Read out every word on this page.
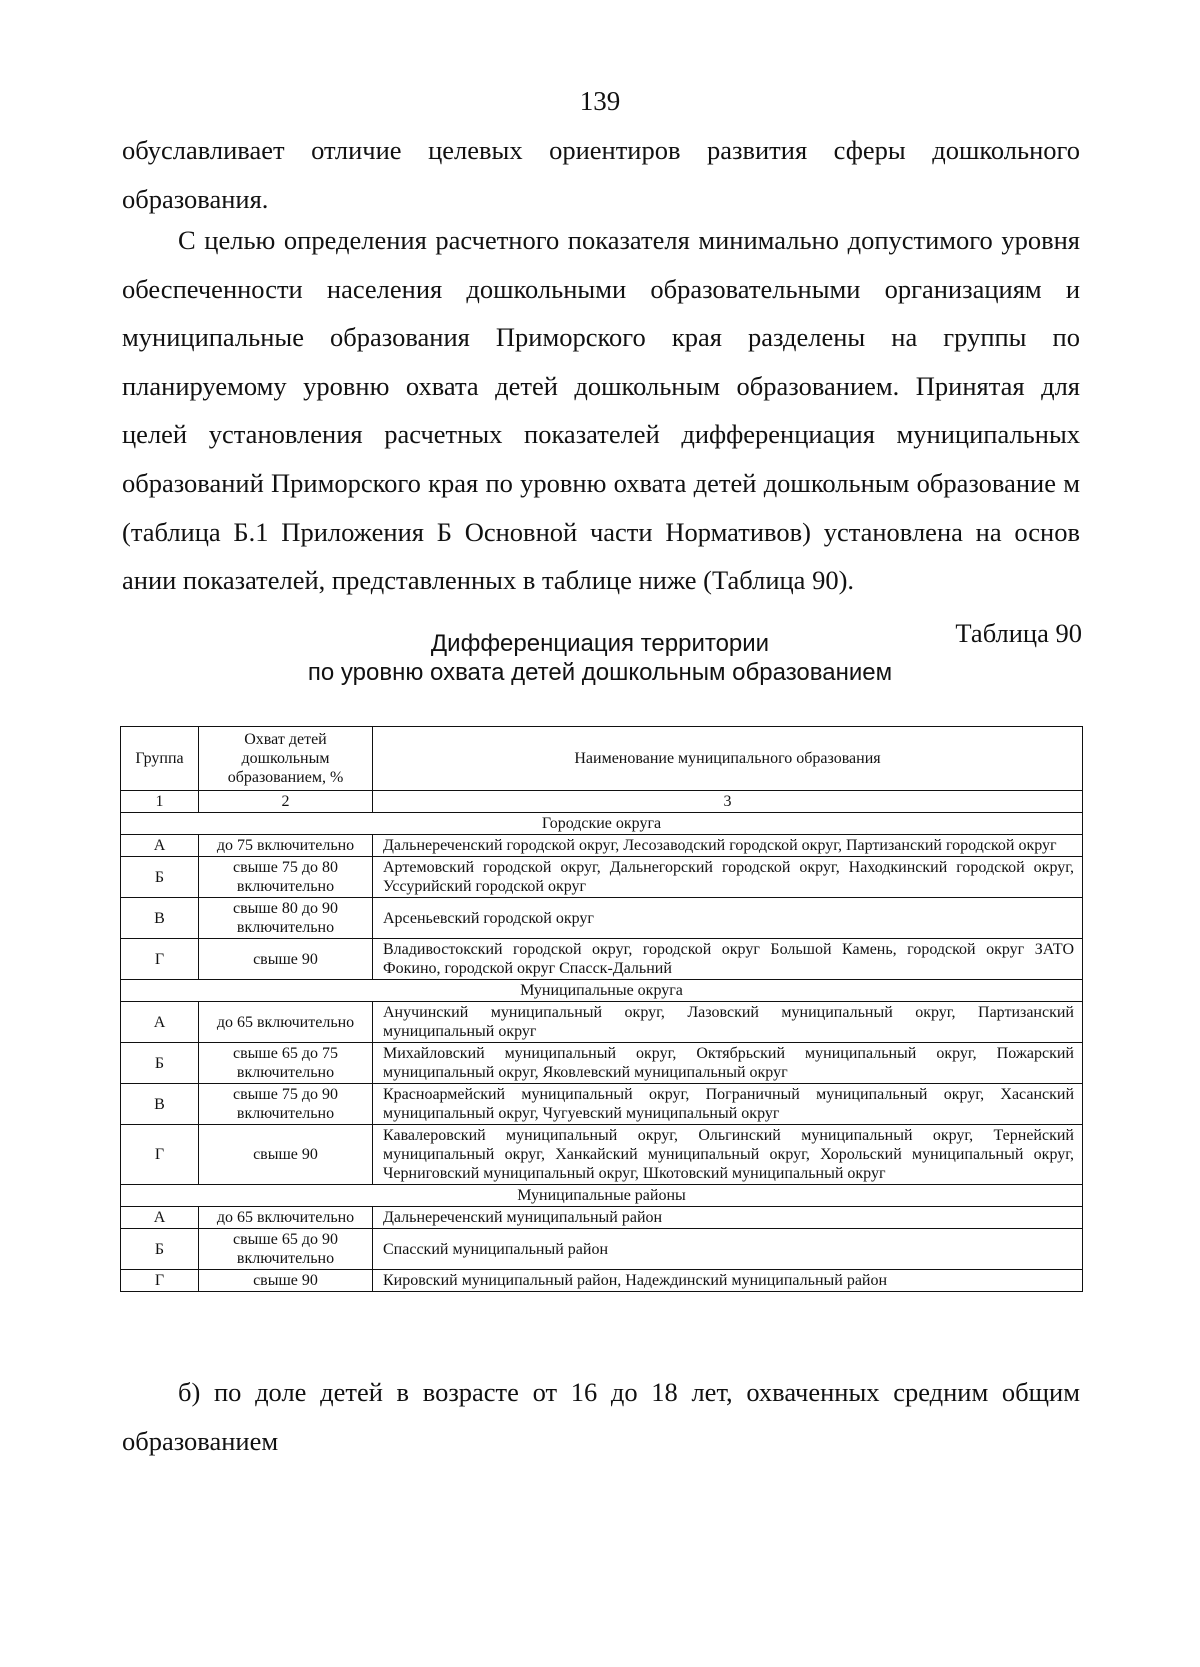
139
обуславливает отличие целевых ориентиров развития сферы дошкольного образования.
С целью определения расчетного показателя минимально допустимого уровня обеспеченности населения дошкольными образовательными организациям и муниципальные образования Приморского края разделены на группы по планируемому уровню охвата детей дошкольным образованием. Принятая для целей установления расчетных показателей дифференциация муниципальных образований Приморского края по уровню охвата детей дошкольным образование м (таблица Б.1 Приложения Б Основной части Нормативов) установлена на основ ании показателей, представленных в таблице ниже (Таблица 90).
Таблица 90
Дифференциация территории
по уровню охвата детей дошкольным образованием
Группа	Охват детей дошкольным образованием, %	Наименование муниципального образования
1	2	3
Городские округа		
А	до 75 включительно	Дальнереченский городской округ, Лесозаводский городской округ, Партизанский городской округ
Б	свыше 75 до 80 включительно	Артемовский городской округ, Дальнегорский городской округ, Находкинский городской округ, Уссурийский городской округ
В	свыше 80 до 90 включительно	Арсеньевский городской округ
Г	свыше 90	Владивостокский городской округ, городской округ Большой Камень, городской округ ЗАТО Фокино, городской округ Спасск-Дальний
Муниципальные округа		
А	до 65 включительно	Анучинский муниципальный округ, Лазовский муниципальный округ, Партизанский муниципальный округ
Б	свыше 65 до 75 включительно	Михайловский муниципальный округ, Октябрьский муниципальный округ, Пожарский муниципальный округ, Яковлевский муниципальный округ
В	свыше 75 до 90 включительно	Красноармейский муниципальный округ, Пограничный муниципальный округ, Хасанский муниципальный округ, Чугуевский муниципальный округ
Г	свыше 90	Кавалеровский муниципальный округ, Ольгинский муниципальный округ, Тернейский муниципальный округ, Ханкайский муниципальный округ, Хорольский муниципальный округ, Черниговский муниципальный округ, Шкотовский муниципальный округ
Муниципальные районы		
А	до 65 включительно	Дальнереченский муниципальный район
Б	свыше 65 до 90 включительно	Спасский муниципальный район
Г	свыше 90	Кировский муниципальный район, Надеждинский муниципальный район
б) по доле детей в возрасте от 16 до 18 лет, охваченных средним общим образованием
